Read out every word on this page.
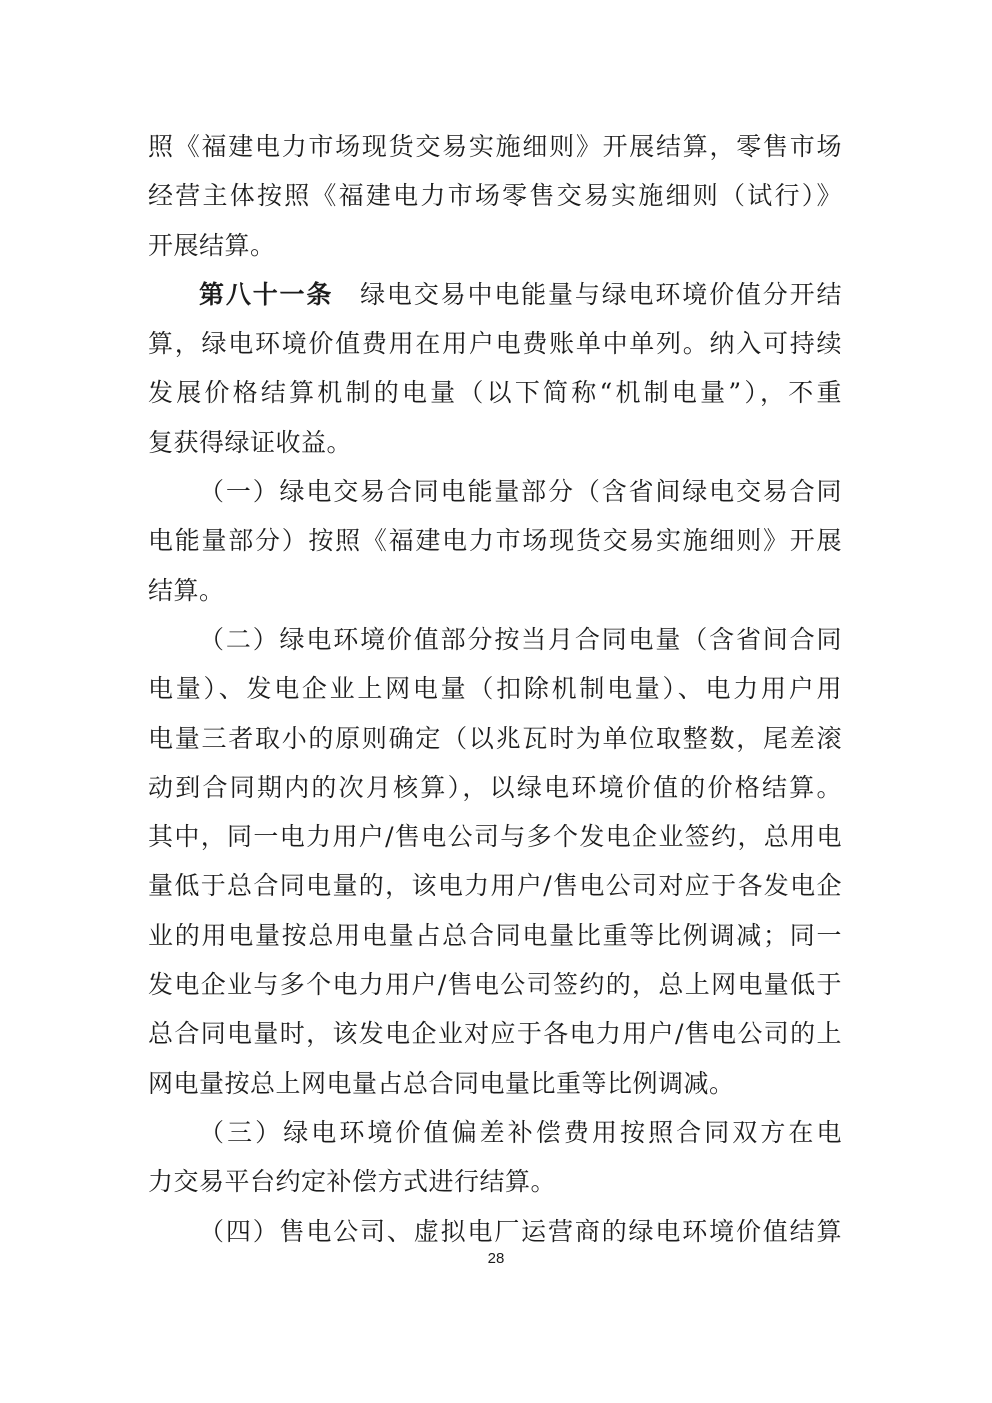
照《福建电力市场现货交易实施细则》开展结算，零售市场
经营主体按照《福建电力市场零售交易实施细则（试行）》
开展结算。
第八十一条　绿电交易中电能量与绿电环境价值分开结
算，绿电环境价值费用在用户电费账单中单列。纳入可持续
发展价格结算机制的电量（以下简称“机制电量”），不重
复获得绿证收益。
（一）绿电交易合同电能量部分（含省间绿电交易合同
电能量部分）按照《福建电力市场现货交易实施细则》开展
结算。
（二）绿电环境价值部分按当月合同电量（含省间合同
电量）、发电企业上网电量（扣除机制电量）、电力用户用
电量三者取小的原则确定（以兆瓦时为单位取整数，尾差滚
动到合同期内的次月核算），以绿电环境价值的价格结算。
其中，同一电力用户/售电公司与多个发电企业签约，总用电
量低于总合同电量的，该电力用户/售电公司对应于各发电企
业的用电量按总用电量占总合同电量比重等比例调减；同一
发电企业与多个电力用户/售电公司签约的，总上网电量低于
总合同电量时，该发电企业对应于各电力用户/售电公司的上
网电量按总上网电量占总合同电量比重等比例调减。
（三）绿电环境价值偏差补偿费用按照合同双方在电
力交易平台约定补偿方式进行结算。
（四）售电公司、虚拟电厂运营商的绿电环境价值结算
28
